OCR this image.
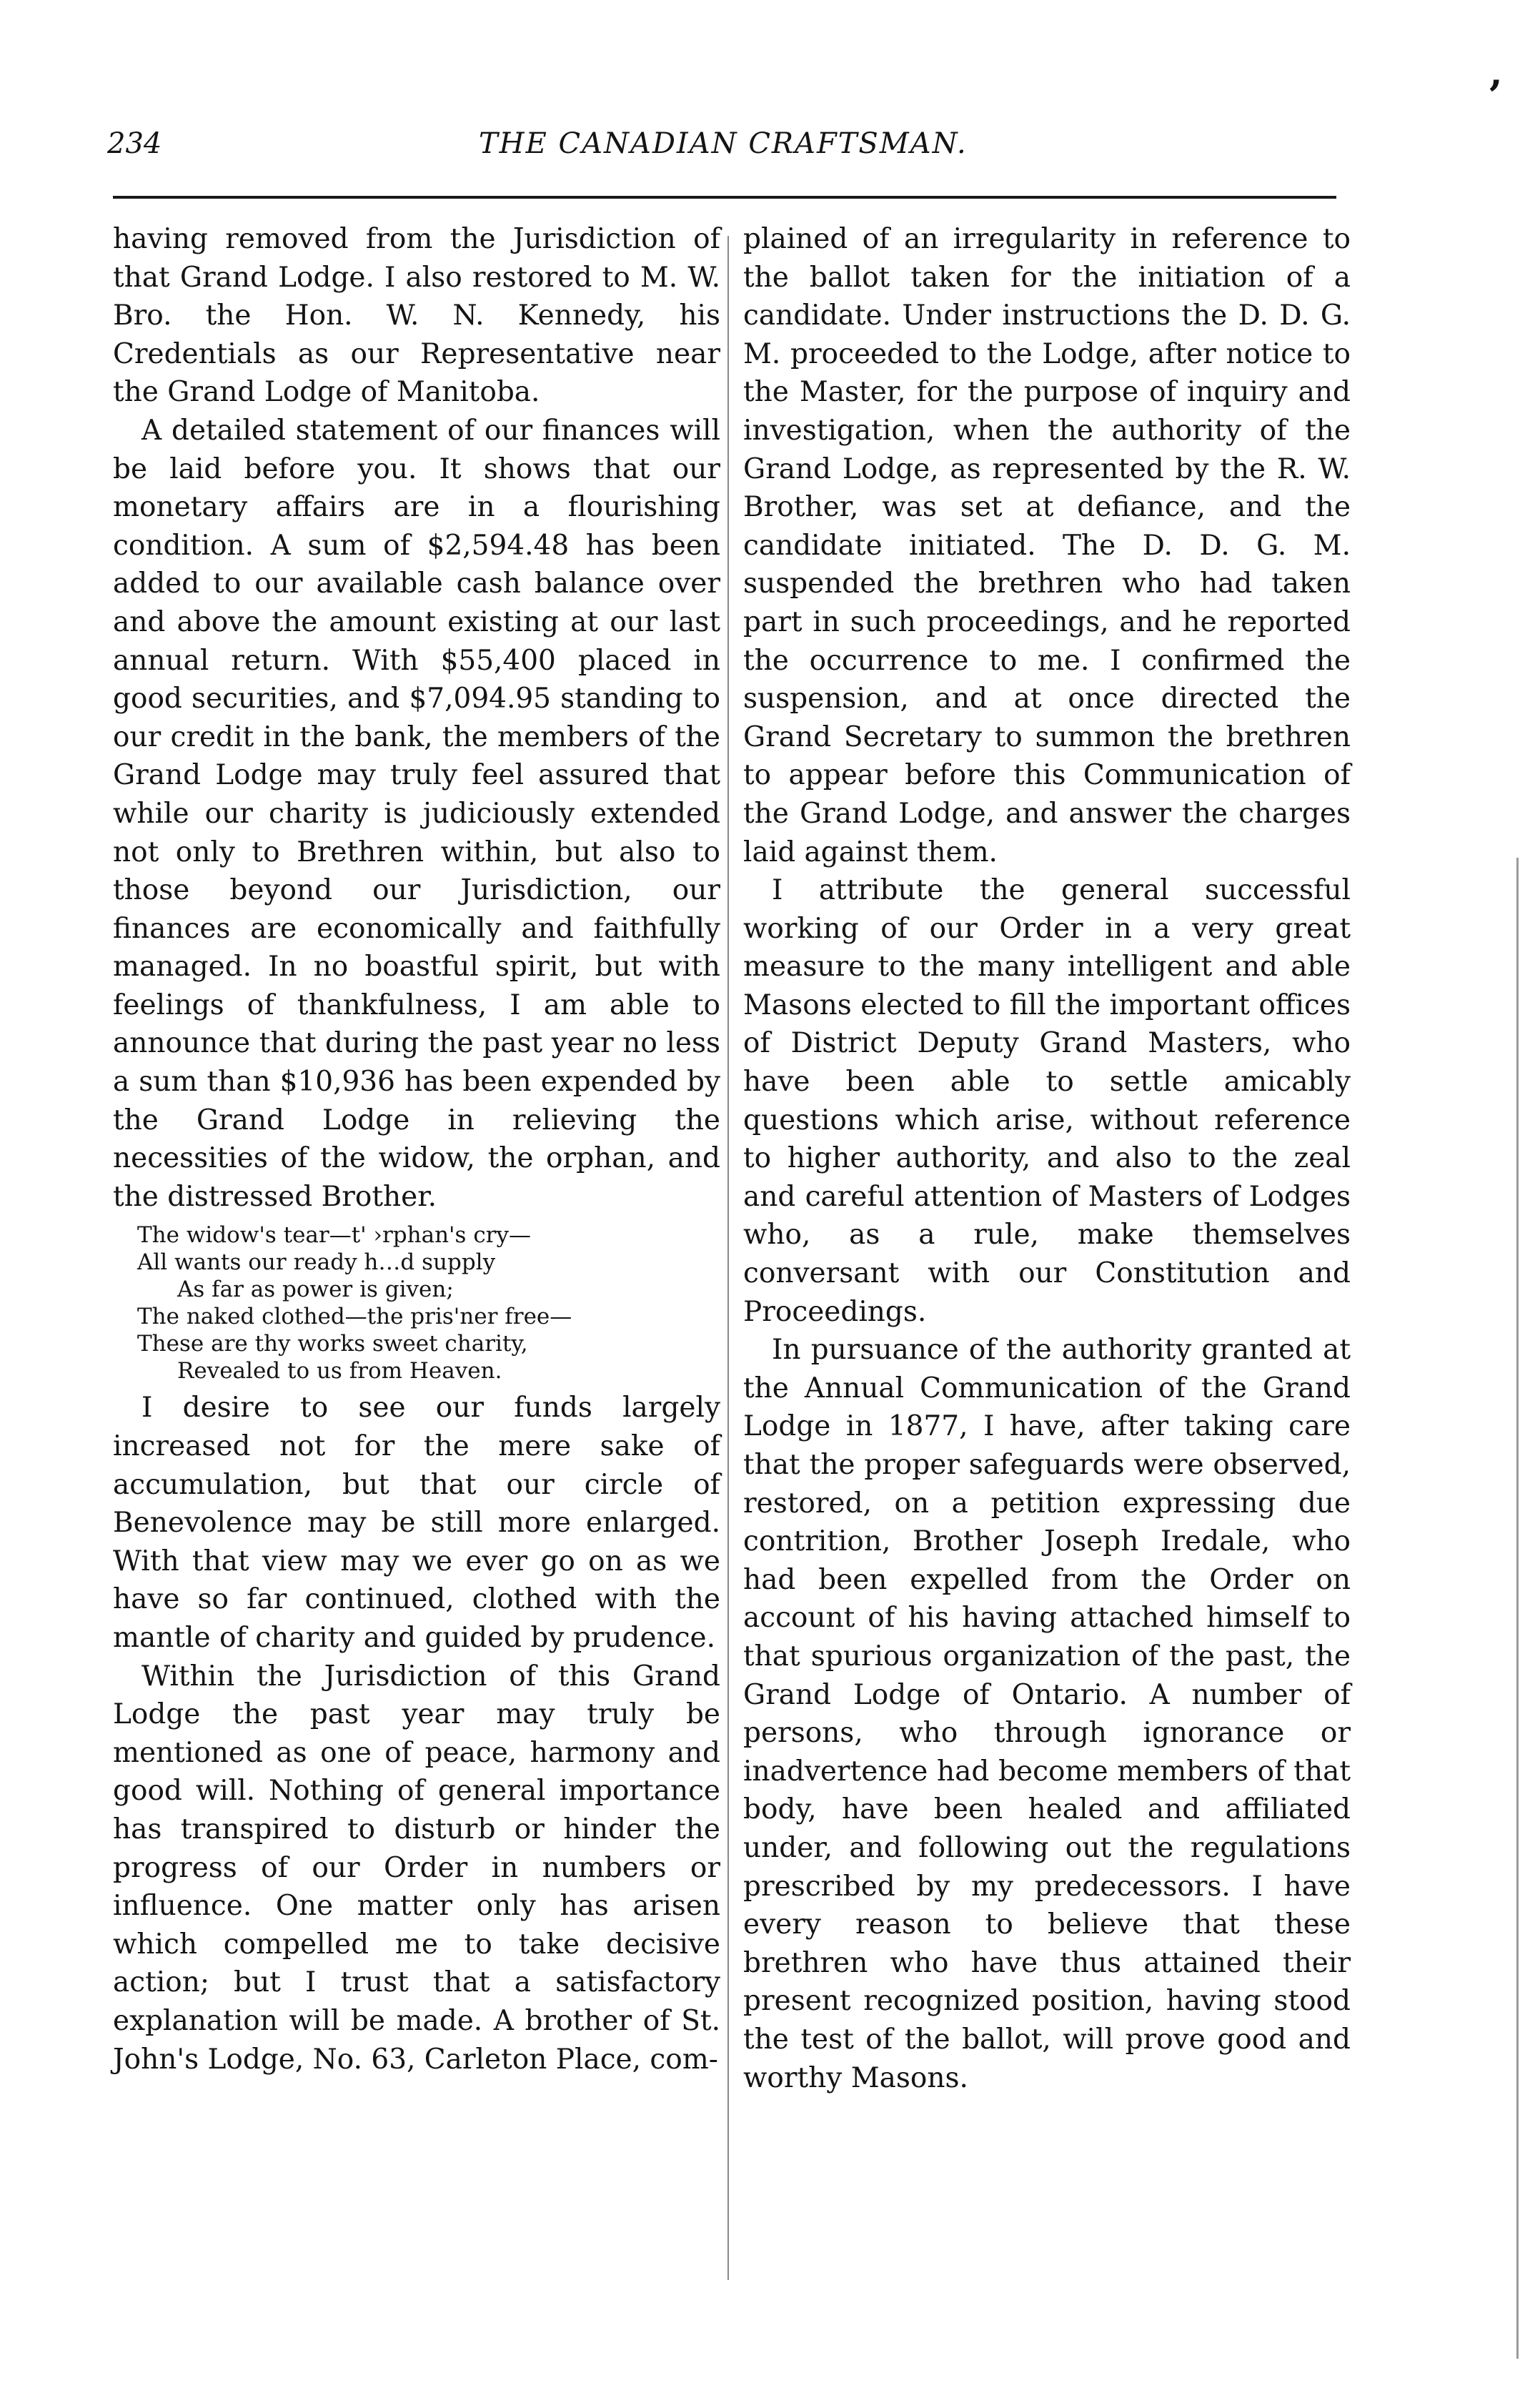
234	THE CANADIAN CRAFTSMAN.
’

having removed from the Jurisdiction of that Grand Lodge. I also restored to M. W. Bro. the Hon. W. N. Kennedy, his Credentials as our Representative near the Grand Lodge of Manitoba.

A detailed statement of our finances will be laid before you. It shows that our monetary affairs are in a flourishing condition. A sum of $2,594.48 has been added to our available cash balance over and above the amount existing at our last annual return. With $55,400 placed in good securities, and $7,094.95 standing to our credit in the bank, the members of the Grand Lodge may truly feel assured that while our charity is judiciously extended not only to Brethren within, but also to those beyond our Jurisdiction, our finances are economically and faithfully managed. In no boastful spirit, but with feelings of thankfulness, I am able to announce that during the past year no less a sum than $10,936 has been expended by the Grand Lodge in relieving the necessities of the widow, the orphan, and the distressed Brother.

The widow's tear—t' ›rphan's cry—
All wants our ready h…d supply
As far as power is given;
The naked clothed—the pris'ner free—
These are thy works sweet charity,
Revealed to us from Heaven.

I desire to see our funds largely increased not for the mere sake of accumulation, but that our circle of Benevolence may be still more enlarged. With that view may we ever go on as we have so far continued, clothed with the mantle of charity and guided by prudence.

Within the Jurisdiction of this Grand Lodge the past year may truly be mentioned as one of peace, harmony and good will. Nothing of general importance has transpired to disturb or hinder the progress of our Order in numbers or influence. One matter only has arisen which compelled me to take decisive action; but I trust that a satisfactory explanation will be made. A brother of St. John's Lodge, No. 63, Carleton Place, com-

plained of an irregularity in reference to the ballot taken for the initiation of a candidate. Under instructions the D. D. G. M. proceeded to the Lodge, after notice to the Master, for the purpose of inquiry and investigation, when the authority of the Grand Lodge, as represented by the R. W. Brother, was set at defiance, and the candidate initiated. The D. D. G. M. suspended the brethren who had taken part in such proceedings, and he reported the occurrence to me. I confirmed the suspension, and at once directed the Grand Secretary to summon the brethren to appear before this Communication of the Grand Lodge, and answer the charges laid against them.

I attribute the general successful working of our Order in a very great measure to the many intelligent and able Masons elected to fill the important offices of District Deputy Grand Masters, who have been able to settle amicably questions which arise, without reference to higher authority, and also to the zeal and careful attention of Masters of Lodges who, as a rule, make themselves conversant with our Constitution and Proceedings.

In pursuance of the authority granted at the Annual Communication of the Grand Lodge in 1877, I have, after taking care that the proper safeguards were observed, restored, on a petition expressing due contrition, Brother Joseph Iredale, who had been expelled from the Order on account of his having attached himself to that spurious organization of the past, the Grand Lodge of Ontario. A number of persons, who through ignorance or inadvertence had become members of that body, have been healed and affiliated under, and following out the regulations prescribed by my predecessors. I have every reason to believe that these brethren who have thus attained their present recognized position, having stood the test of the ballot, will prove good and worthy Masons.
